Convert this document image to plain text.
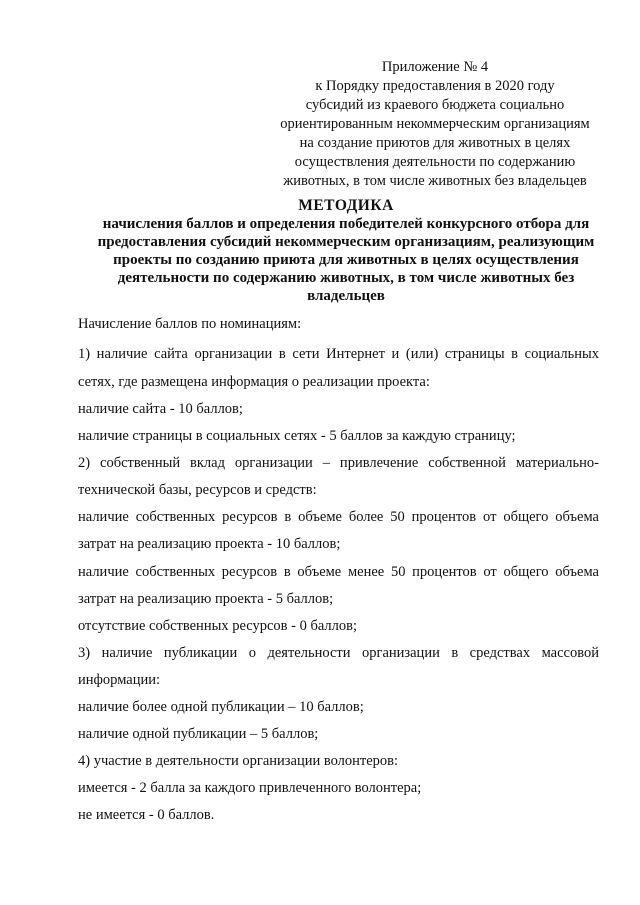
Приложение № 4
к Порядку предоставления в 2020 году
субсидий из краевого бюджета социально
ориентированным некоммерческим организациям
на создание приютов для животных в целях
осуществления деятельности по содержанию
животных, в том числе животных без владельцев
МЕТОДИКА
начисления баллов и определения победителей конкурсного отбора для
предоставления субсидий некоммерческим организациям, реализующим
проекты по созданию приюта для животных в целях осуществления
деятельности по содержанию животных, в том числе животных без
владельцев
Начисление баллов по номинациям:
1) наличие сайта организации в сети Интернет и (или) страницы в социальных
сетях, где размещена информация о реализации проекта:
наличие сайта - 10 баллов;
наличие страницы в социальных сетях - 5 баллов за каждую страницу;
2) собственный вклад организации – привлечение собственной материально-
технической базы, ресурсов и средств:
наличие собственных ресурсов в объеме более 50 процентов от общего объема
затрат на реализацию проекта - 10 баллов;
наличие собственных ресурсов в объеме менее 50 процентов от общего объема
затрат на реализацию проекта - 5 баллов;
отсутствие собственных ресурсов - 0 баллов;
3) наличие публикации о деятельности организации в средствах массовой
информации:
наличие более одной публикации – 10 баллов;
наличие одной публикации – 5 баллов;
4) участие в деятельности организации волонтеров:
имеется - 2 балла за каждого привлеченного волонтера;
не имеется - 0 баллов.
